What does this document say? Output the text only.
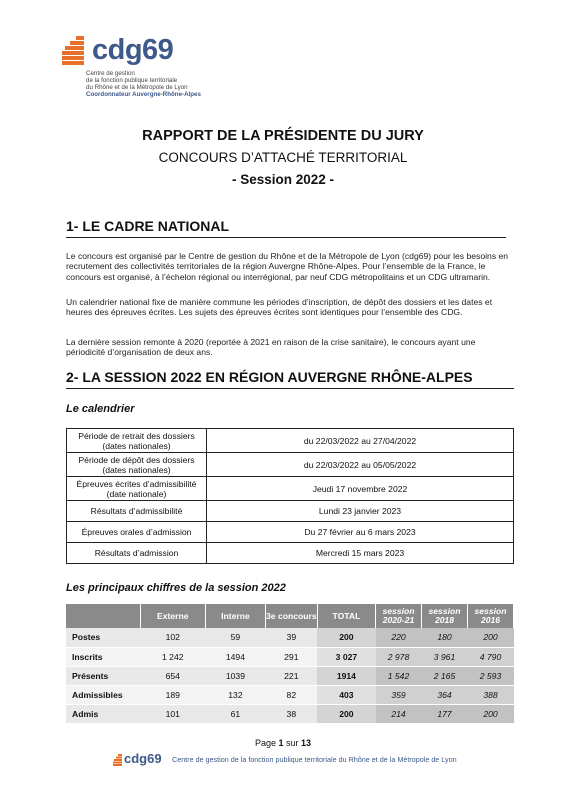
cdg69
Centre de gestion
de la fonction publique territoriale
du Rhône et de la Métropole de Lyon
Coordonnateur Auvergne-Rhône-Alpes
RAPPORT DE LA PRÉSIDENTE DU JURY
CONCOURS D’ATTACHÉ TERRITORIAL
- Session 2022 -
1- LE CADRE NATIONAL

Le concours est organisé par le Centre de gestion du Rhône et de la Métropole de Lyon (cdg69) pour les besoins en recrutement des collectivités territoriales de la région Auvergne Rhône-Alpes. Pour l’ensemble de la France, le concours est organisé, à l’échelon régional ou interrégional, par neuf CDG métropolitains et un CDG ultramarin.

Un calendrier national fixe de manière commune les périodes d’inscription, de dépôt des dossiers et les dates et heures des épreuves écrites. Les sujets des épreuves écrites sont identiques pour l’ensemble des CDG.

La dernière session remonte à 2020 (reportée à 2021 en raison de la crise sanitaire), le concours ayant une périodicité d’organisation de deux ans.

2- LA SESSION 2022 EN RÉGION AUVERGNE RHÔNE-ALPES
Le calendrier
Période de retrait des dossiers (dates nationales)	du 22/03/2022 au 27/04/2022
Période de dépôt des dossiers (dates nationales)	du 22/03/2022 au 05/05/2022
Épreuves écrites d’admissibilité (date nationale)	Jeudi 17 novembre 2022
Résultats d’admissibilité	Lundi 23 janvier 2023
Épreuves orales d’admission	Du 27 février au 6 mars 2023
Résultats d’admission	Mercredi 15 mars 2023
Les principaux chiffres de la session 2022
	Externe	Interne	3e concours	TOTAL	session 2020-21	session 2018	session 2016
Postes	102	59	39	200	220	180	200
Inscrits	1 242	1494	291	3 027	2 978	3 961	4 790
Présents	654	1039	221	1914	1 542	2 165	2 593
Admissibles	189	132	82	403	359	364	388
Admis	101	61	38	200	214	177	200
Page 1 sur 13
cdg69 Centre de gestion de la fonction publique territoriale du Rhône et de la Métropole de Lyon
